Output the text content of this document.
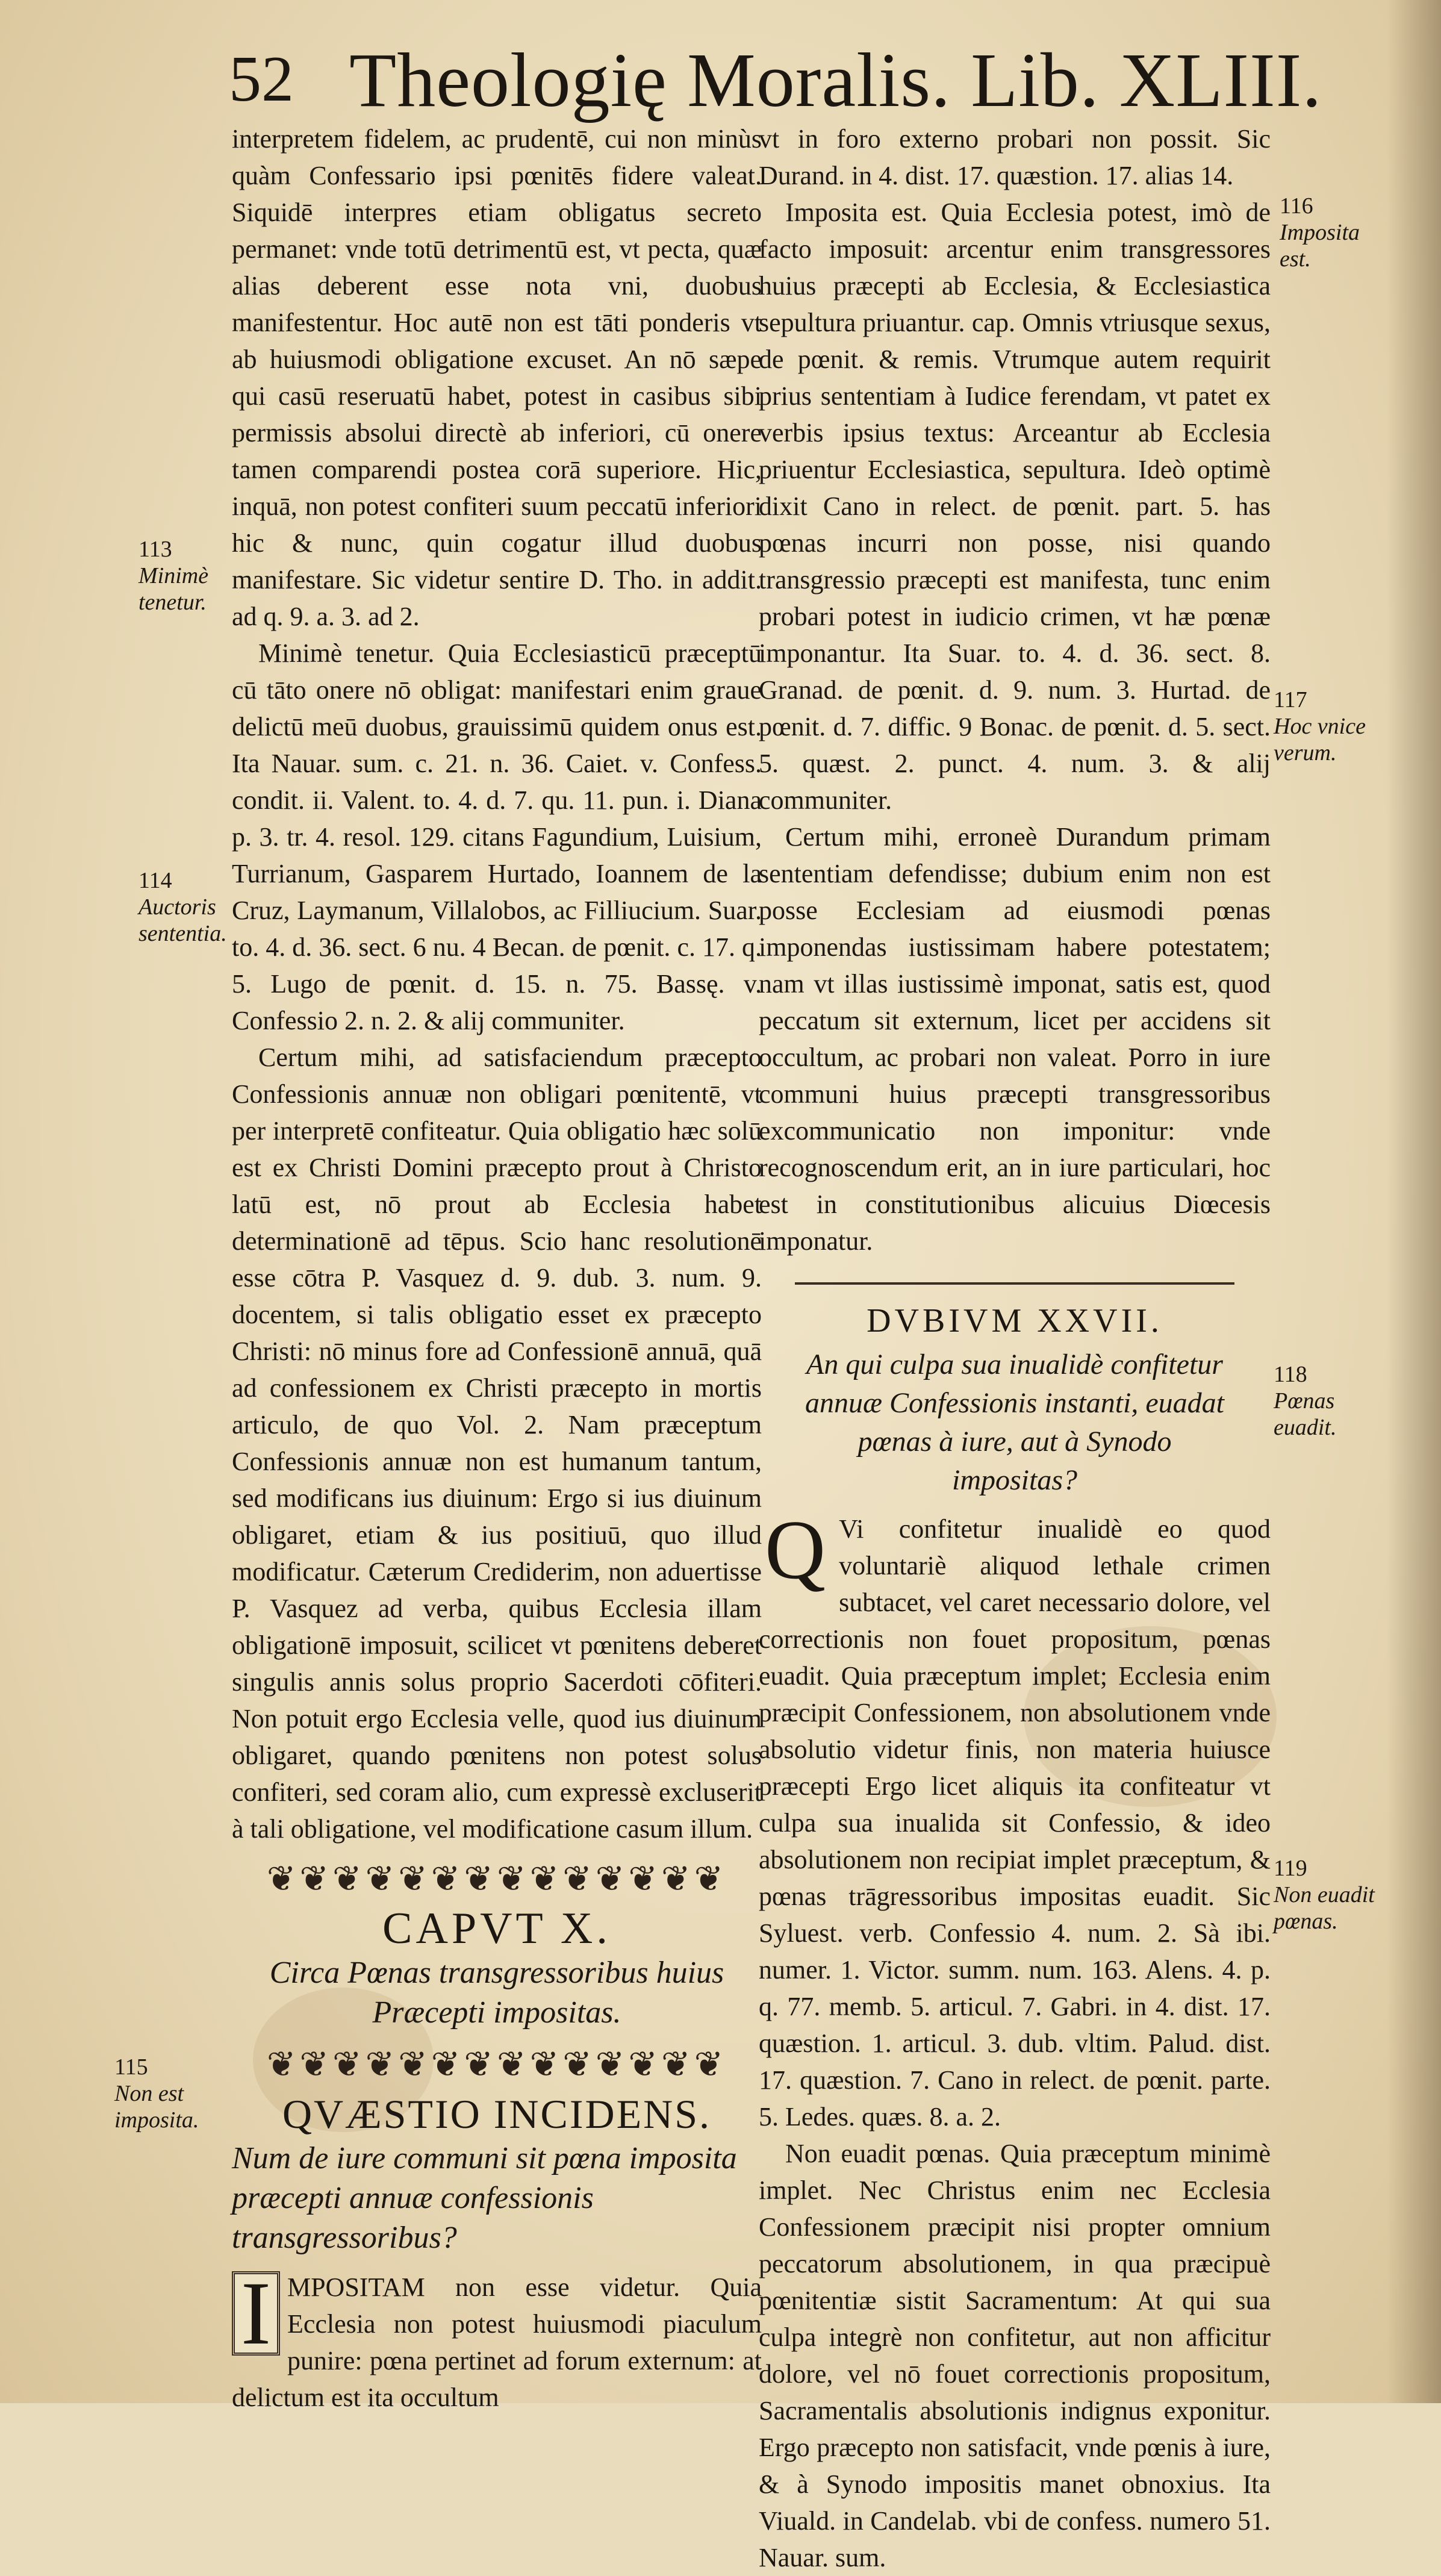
52 Theologię Moralis. Lib. XLIII.
113
Minimè tenetur.
114
Auctoris sententia.
115
Non est imposita.
116
Imposita est.
117
Hoc vnice verum.
118
Pœnas euadit.
119
Non euadit pœnas.

interpretem fidelem, ac prudentē, cui non minùs quàm Confessario ipsi pœnitēs fidere valeat. Siquidē interpres etiam obligatus secreto permanet: vnde totū detrimentū est, vt pecta, quæ alias deberent esse nota vni, duobus manifestentur. Hoc autē non est tāti ponderis vt ab huiusmodi obligatione excuset. An nō sæpe qui casū reseruatū habet, potest in casibus sibi permissis absolui directè ab inferiori, cū onere tamen comparendi postea corā superiore. Hic, inquā, non potest confiteri suum peccatū inferiori hic & nunc, quin cogatur illud duobus manifestare. Sic videtur sentire D. Tho. in addit. ad q. 9. a. 3. ad 2.

Minimè tenetur. Quia Ecclesiasticū præceptū cū tāto onere nō obligat: manifestari enim graue delictū meū duobus, grauissimū quidem onus est. Ita Nauar. sum. c. 21. n. 36. Caiet. v. Confess. condit. ii. Valent. to. 4. d. 7. qu. 11. pun. i. Diana p. 3. tr. 4. resol. 129. citans Fagundium, Luisium, Turrianum, Gasparem Hurtado, Ioannem de la Cruz, Laymanum, Villalobos, ac Filliucium. Suar. to. 4. d. 36. sect. 6 nu. 4 Becan. de pœnit. c. 17. q. 5. Lugo de pœnit. d. 15. n. 75. Bassę. v. Confessio 2. n. 2. & alij communiter.

Certum mihi, ad satisfaciendum præcepto Confessionis annuæ non obligari pœnitentē, vt per interpretē confiteatur. Quia obligatio hæc solū est ex Christi Domini præcepto prout à Christo latū est, nō prout ab Ecclesia habet determinationē ad tēpus. Scio hanc resolutionē esse cōtra P. Vasquez d. 9. dub. 3. num. 9. docentem, si talis obligatio esset ex præcepto Christi: nō minus fore ad Confessionē annuā, quā ad confessionem ex Christi præcepto in mortis articulo, de quo Vol. 2. Nam præceptum Confessionis annuæ non est humanum tantum, sed modificans ius diuinum: Ergo si ius diuinum obligaret, etiam & ius positiuū, quo illud modificatur. Cæterum Crediderim, non aduertisse P. Vasquez ad verba, quibus Ecclesia illam obligationē imposuit, scilicet vt pœnitens deberet singulis annis solus proprio Sacerdoti cōfiteri. Non potuit ergo Ecclesia velle, quod ius diuinum obligaret, quando pœnitens non potest solus confiteri, sed coram alio, cum expressè excluserit à tali obligatione, vel modificatione casum illum.

❦❦❦❦❦❦❦❦❦❦❦❦❦❦
CAPVT X.
Circa Pœnas transgressoribus huius Præcepti impositas.
❦❦❦❦❦❦❦❦❦❦❦❦❦❦
QVÆSTIO INCIDENS.
Num de iure communi sit pœna imposita præcepti annuæ confessionis transgressoribus?

I MPOSITAM non esse videtur. Quia Ecclesia non potest huiusmodi piaculum punire: pœna pertinet ad forum externum: at delictum est ita occultum

vt in foro externo probari non possit. Sic Durand. in 4. dist. 17. quæstion. 17. alias 14.

Imposita est. Quia Ecclesia potest, imò de facto imposuit: arcentur enim transgressores huius præcepti ab Ecclesia, & Ecclesiastica sepultura priuantur. cap. Omnis vtriusque sexus, de pœnit. & remis. Vtrumque autem requirit prius sententiam à Iudice ferendam, vt patet ex verbis ipsius textus: Arceantur ab Ecclesia priuentur Ecclesiastica, sepultura. Ideò optimè dixit Cano in relect. de pœnit. part. 5. has pœnas incurri non posse, nisi quando transgressio præcepti est manifesta, tunc enim probari potest in iudicio crimen, vt hæ pœnæ imponantur. Ita Suar. to. 4. d. 36. sect. 8. Granad. de pœnit. d. 9. num. 3. Hurtad. de pœnit. d. 7. diffic. 9 Bonac. de pœnit. d. 5. sect. 5. quæst. 2. punct. 4. num. 3. & alij communiter.

Certum mihi, erroneè Durandum primam sententiam defendisse; dubium enim non est posse Ecclesiam ad eiusmodi pœnas imponendas iustissimam habere potestatem; nam vt illas iustissimè imponat, satis est, quod peccatum sit externum, licet per accidens sit occultum, ac probari non valeat. Porro in iure communi huius præcepti transgressoribus excommunicatio non imponitur: vnde recognoscendum erit, an in iure particulari, hoc est in constitutionibus alicuius Diœcesis imponatur.

DVBIVM XXVII.
An qui culpa sua inualidè confitetur annuæ Confessionis instanti, euadat pœnas à iure, aut à Synodo impositas?

Q Vi confitetur inualidè eo quod voluntariè aliquod lethale crimen subtacet, vel caret necessario dolore, vel correctionis non fouet propositum, pœnas euadit. Quia præceptum implet; Ecclesia enim præcipit Confessionem, non absolutionem vnde absolutio videtur finis, non materia huiusce præcepti Ergo licet aliquis ita confiteatur vt culpa sua inualida sit Confessio, & ideo absolutionem non recipiat implet præceptum, & pœnas trāgressoribus impositas euadit. Sic Syluest. verb. Confessio 4. num. 2. Sà ibi. numer. 1. Victor. summ. num. 163. Alens. 4. p. q. 77. memb. 5. articul. 7. Gabri. in 4. dist. 17. quæstion. 1. articul. 3. dub. vltim. Palud. dist. 17. quæstion. 7. Cano in relect. de pœnit. parte. 5. Ledes. quæs. 8. a. 2.

Non euadit pœnas. Quia præceptum minimè implet. Nec Christus enim nec Ecclesia Confessionem præcipit nisi propter omnium peccatorum absolutionem, in qua præcipuè pœnitentiæ sistit Sacramentum: At qui sua culpa integrè non confitetur, aut non afficitur dolore, vel nō fouet correctionis propositum, Sacramentalis absolutionis indignus exponitur. Ergo præcepto non satisfacit, vnde pœnis à iure, & à Synodo impositis manet obnoxius. Ita Viuald. in Candelab. vbi de confess. numero 51. Nauar. sum.
